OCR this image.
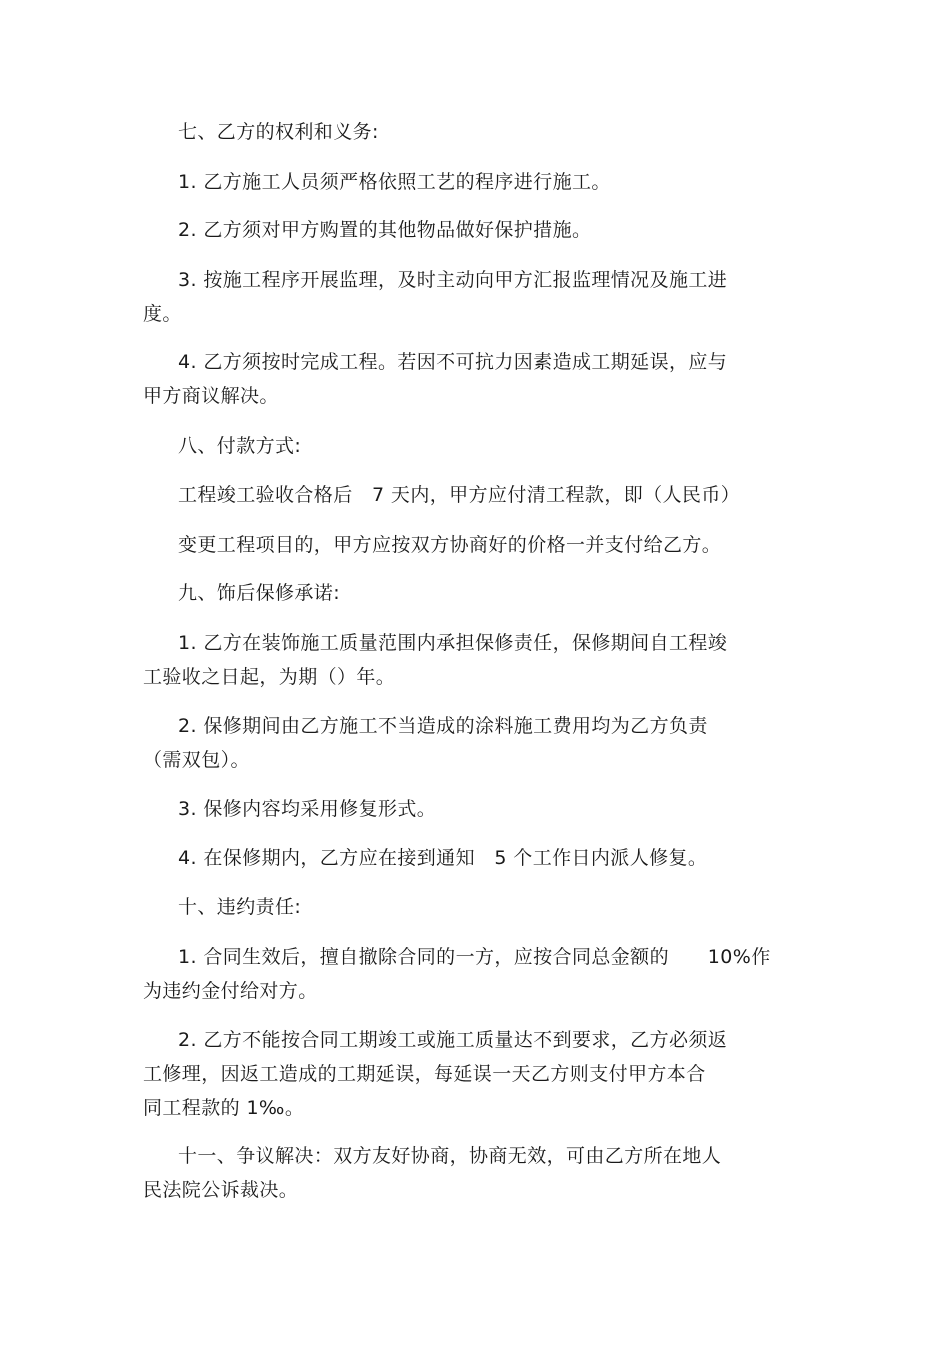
七、乙方的权利和义务:
1. 乙方施工人员须严格依照工艺的程序进行施工。
2. 乙方须对甲方购置的其他物品做好保护措施。
3. 按施工程序开展监理，及时主动向甲方汇报监理情况及施工进
度。
4. 乙方须按时完成工程。若因不可抗力因素造成工期延误，应与
甲方商议解决。
八、付款方式:
工程竣工验收合格后　7 天内，甲方应付清工程款，即（人民币）
变更工程项目的，甲方应按双方协商好的价格一并支付给乙方。
九、饰后保修承诺:
1. 乙方在装饰施工质量范围内承担保修责任，保修期间自工程竣
工验收之日起，为期（）年。
2. 保修期间由乙方施工不当造成的涂料施工费用均为乙方负责
（需双包）。
3. 保修内容均采用修复形式。
4. 在保修期内，乙方应在接到通知　5 个工作日内派人修复。
十、违约责任:
1. 合同生效后，擅自撤除合同的一方，应按合同总金额的　　10%作
为违约金付给对方。
2. 乙方不能按合同工期竣工或施工质量达不到要求，乙方必须返
工修理，因返工造成的工期延误，每延误一天乙方则支付甲方本合
同工程款的 1‰。
十一、争议解决：双方友好协商，协商无效，可由乙方所在地人
民法院公诉裁决。
